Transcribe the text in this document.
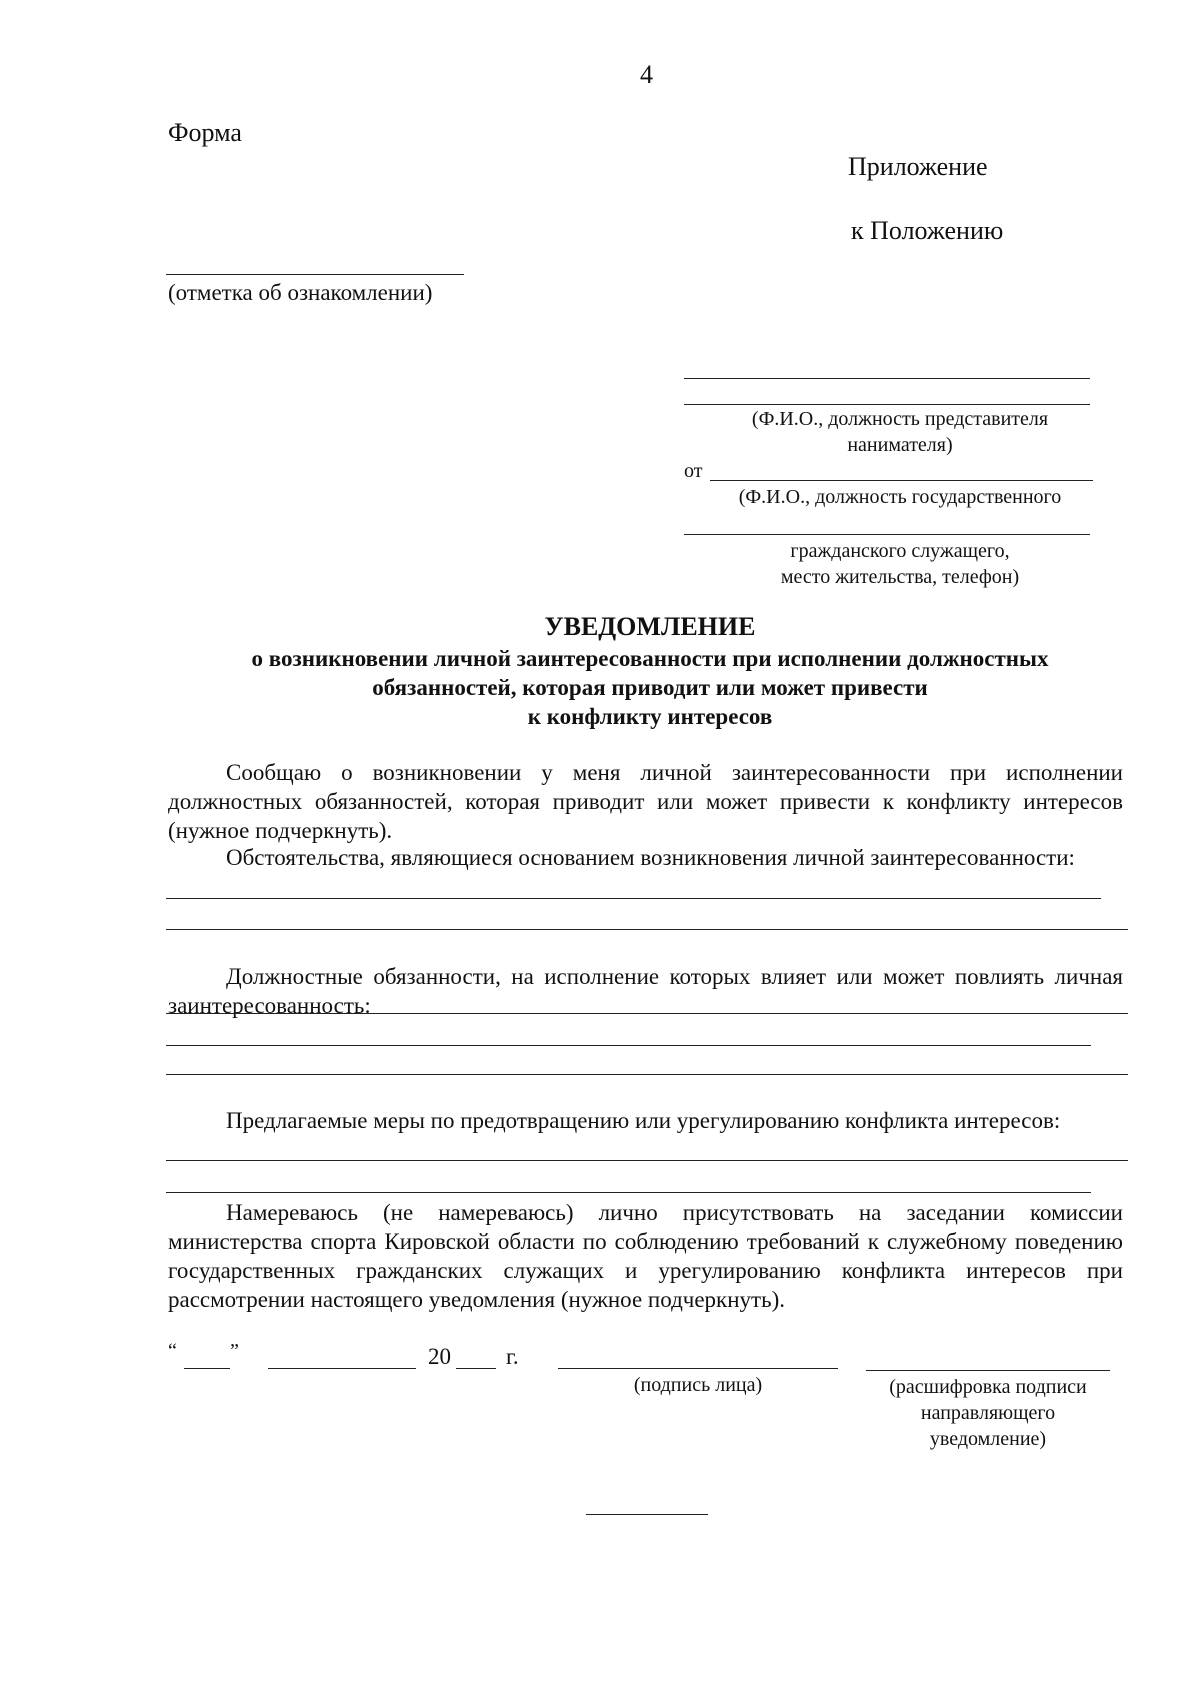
4
Форма
Приложение
к Положению
(отметка об ознакомлении)
(Ф.И.О., должность представителя
нанимателя)
от
(Ф.И.О., должность государственного
гражданского служащего,
место жительства, телефон)
УВЕДОМЛЕНИЕ
о возникновении личной заинтересованности при исполнении должностных
обязанностей, которая приводит или может привести
к конфликту интересов
Сообщаю о возникновении у меня личной заинтересованности при исполнении должностных обязанностей, которая приводит или может привести к конфликту интересов (нужное подчеркнуть).
Обстоятельства, являющиеся основанием возникновения личной заинтересованности:
Должностные обязанности, на исполнение которых влияет или может повлиять личная заинтересованность:
Предлагаемые меры по предотвращению или урегулированию конфликта интересов:
Намереваюсь (не намереваюсь) лично присутствовать на заседании комиссии министерства спорта Кировской области по соблюдению требований к служебному поведению государственных гражданских служащих и урегулированию конфликта интересов при рассмотрении настоящего уведомления (нужное подчеркнуть).
“	”	20 г.
(подпись лица)	(расшифровка подписи
направляющего
уведомление)
